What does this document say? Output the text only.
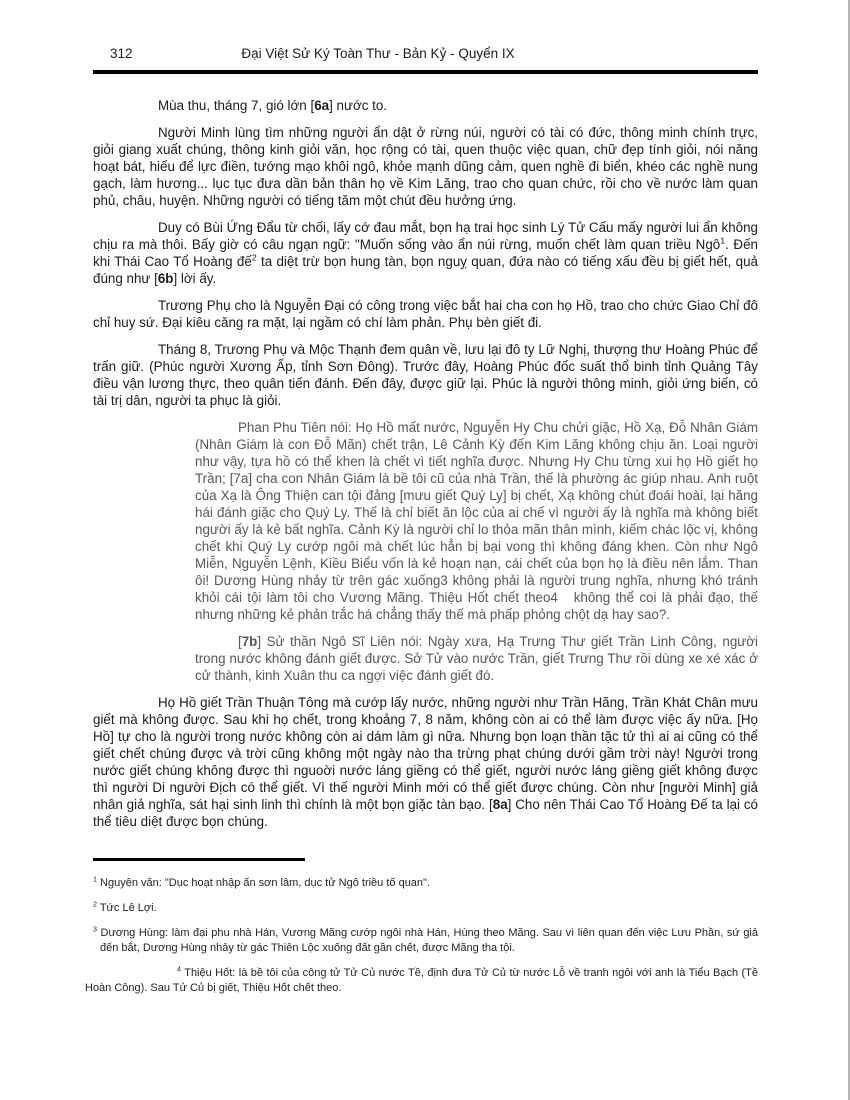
312	Đại Việt Sử Ký Toàn Thư - Bản Kỷ - Quyển IX

Mùa thu, tháng 7, gió lớn [6a] nước to.

Người Minh lùng tìm những người ẩn dật ở rừng núi, người có tài có đức, thông minh chính trực, giỏi giang xuất chúng, thông kinh giỏi văn, học rộng có tài, quen thuộc việc quan, chữ đẹp tính giỏi, nói năng hoạt bát, hiếu để lực điền, tướng mạo khôi ngô, khỏe mạnh dũng cảm, quen nghề đi biển, khéo các nghề nung gạch, làm hương... lục tục đưa dần bản thân họ về Kim Lăng, trao cho quan chức, rồi cho về nước làm quan phủ, châu, huyện. Những người có tiếng tăm một chút đều hưởng ứng.

Duy có Bùi Ứng Đẩu từ chối, lấy cớ đau mắt, bọn hạ trai học sinh Lý Tử Cấu mấy người lui ẩn không chịu ra mà thôi. Bấy giờ có câu ngạn ngữ: "Muốn sống vào ẩn núi rừng, muốn chết làm quan triều Ngô$^1$. Đến khi Thái Cao Tổ Hoàng đế$^2$ ta diệt trừ bọn hung tàn, bọn nguỵ quan, đứa nào có tiếng xấu đều bị giết hết, quả đúng như [6b] lời ấy.

Trương Phụ cho là Nguyễn Đại có công trong việc bắt hai cha con họ Hồ, trao cho chức Giao Chỉ đô chỉ huy sứ. Đại kiêu căng ra mặt, lại ngầm có chí làm phản. Phụ bèn giết đi.

Tháng 8, Trương Phụ và Mộc Thạnh đem quân về, lưu lại đô ty Lữ Nghị, thượng thư Hoàng Phúc để trấn giữ. (Phúc người Xương Ấp, tỉnh Sơn Đông). Trước đây, Hoàng Phúc đốc suất thổ binh tỉnh Quảng Tây điều vận lương thực, theo quân tiến đánh. Đến đây, được giữ lại. Phúc là người thông minh, giỏi ứng biến, có tài trị dân, người ta phục là giỏi.

Phan Phu Tiên nói: Họ Hồ mất nước, Nguyễn Hy Chu chửi giặc, Hồ Xạ, Đỗ Nhân Giám (Nhân Giám là con Đỗ Mãn) chết trận, Lê Cảnh Kỳ đến Kim Lăng không chịu ăn. Loại người như vậy, tựa hồ có thể khen là chết vì tiết nghĩa được. Nhưng Hy Chu từng xui họ Hồ giết họ Trần; [7a] cha con Nhân Giám là bề tôi cũ của nhà Trần, thế là phường ác giúp nhau. Anh ruột của Xạ là Ông Thiện can tội đảng [mưu giết Quý Ly] bị chết, Xạ không chút đoái hoài, lại hăng hái đánh giặc cho Quý Ly. Thế là chỉ biết ăn lộc của ai chế vì người ấy là nghĩa mà không biết người ấy là kẻ bất nghĩa. Cảnh Kỳ là người chỉ lo thỏa mãn thân mình, kiếm chác lộc vị, không chết khi Quý Ly cướp ngôi mà chết lúc hẳn bị bại vong thì không đáng khen. Còn như Ngô Miễn, Nguyễn Lệnh, Kiều Biểu vốn là kẻ hoạn nạn, cái chết của bọn họ là điều nên lắm. Than ôi! Dương Hùng nhảy từ trên gác xuống3 không phải là người trung nghĩa, nhưng khó tránh khỏi cái tội làm tôi cho Vương Mãng. Thiệu Hốt chết theo4   không thể coi là phải đạo, thế nhưng những kẻ phản trắc há chẳng thấy thế mà phấp phỏng chột dạ hay sao?.

[7b] Sử thần Ngô Sĩ Liên nói: Ngày xưa, Hạ Trưng Thư giết Trần Linh Công, người trong nước không đánh giết được. Sở Tử vào nước Trần, giết Trưng Thư rồi dùng xe xé xác ở cử thành, kinh Xuân thu ca ngợi việc đánh giết đó.

Họ Hồ giết Trần Thuận Tông mà cướp lấy nước, những người như Trần Hãng, Trần Khát Chân mưu giết mà không được. Sau khi họ chết, trong khoảng 7, 8 năm, không còn ai có thể làm được việc ấy nữa. [Họ Hồ] tự cho là người trong nước không còn ai dám làm gì nữa. Nhưng bọn loạn thần tặc tử thì ai ai cũng có thể giết chết chúng được và trời cũng không một ngày nào tha trừng phạt chúng dưới gầm trời này! Người trong nước giết chúng không được thì nguoời nước láng giềng có thể giết, người nước láng giềng giết không được thì người Di người Địch có thể giết. Vì thế người Minh mới có thể giết được chúng. Còn như [người Minh] giả nhân giả nghĩa, sát hại sinh linh thì chính là một bọn giặc tàn bạo. [8a] Cho nên Thái Cao Tổ Hoàng Đế ta lại có thể tiêu diệt được bọn chúng.

$^1$ Nguyên văn: "Dục hoạt nhập ấn sơn lâm, dục tử Ngô triều tố quan".

$^2$ Tức Lê Lợi.

$^3$ Dương Hùng: làm đại phu nhà Hán, Vương Mãng cướp ngôi nhà Hán, Hùng theo Mãng. Sau vì liên quan đến việc Lưu Phần, sứ giả đến bắt, Dương Hùng nhảy từ gác Thiên Lộc xuống đất gần chết, được Mãng tha tội.

$^4$ Thiệu Hốt: là bề tôi của công tử Tử Củ nước Tề, định đưa Tử Củ từ nước Lỗ về tranh ngôi với anh là Tiểu Bạch (Tề Hoàn Công). Sau Tử Củ bị giết, Thiệu Hốt chết theo.
